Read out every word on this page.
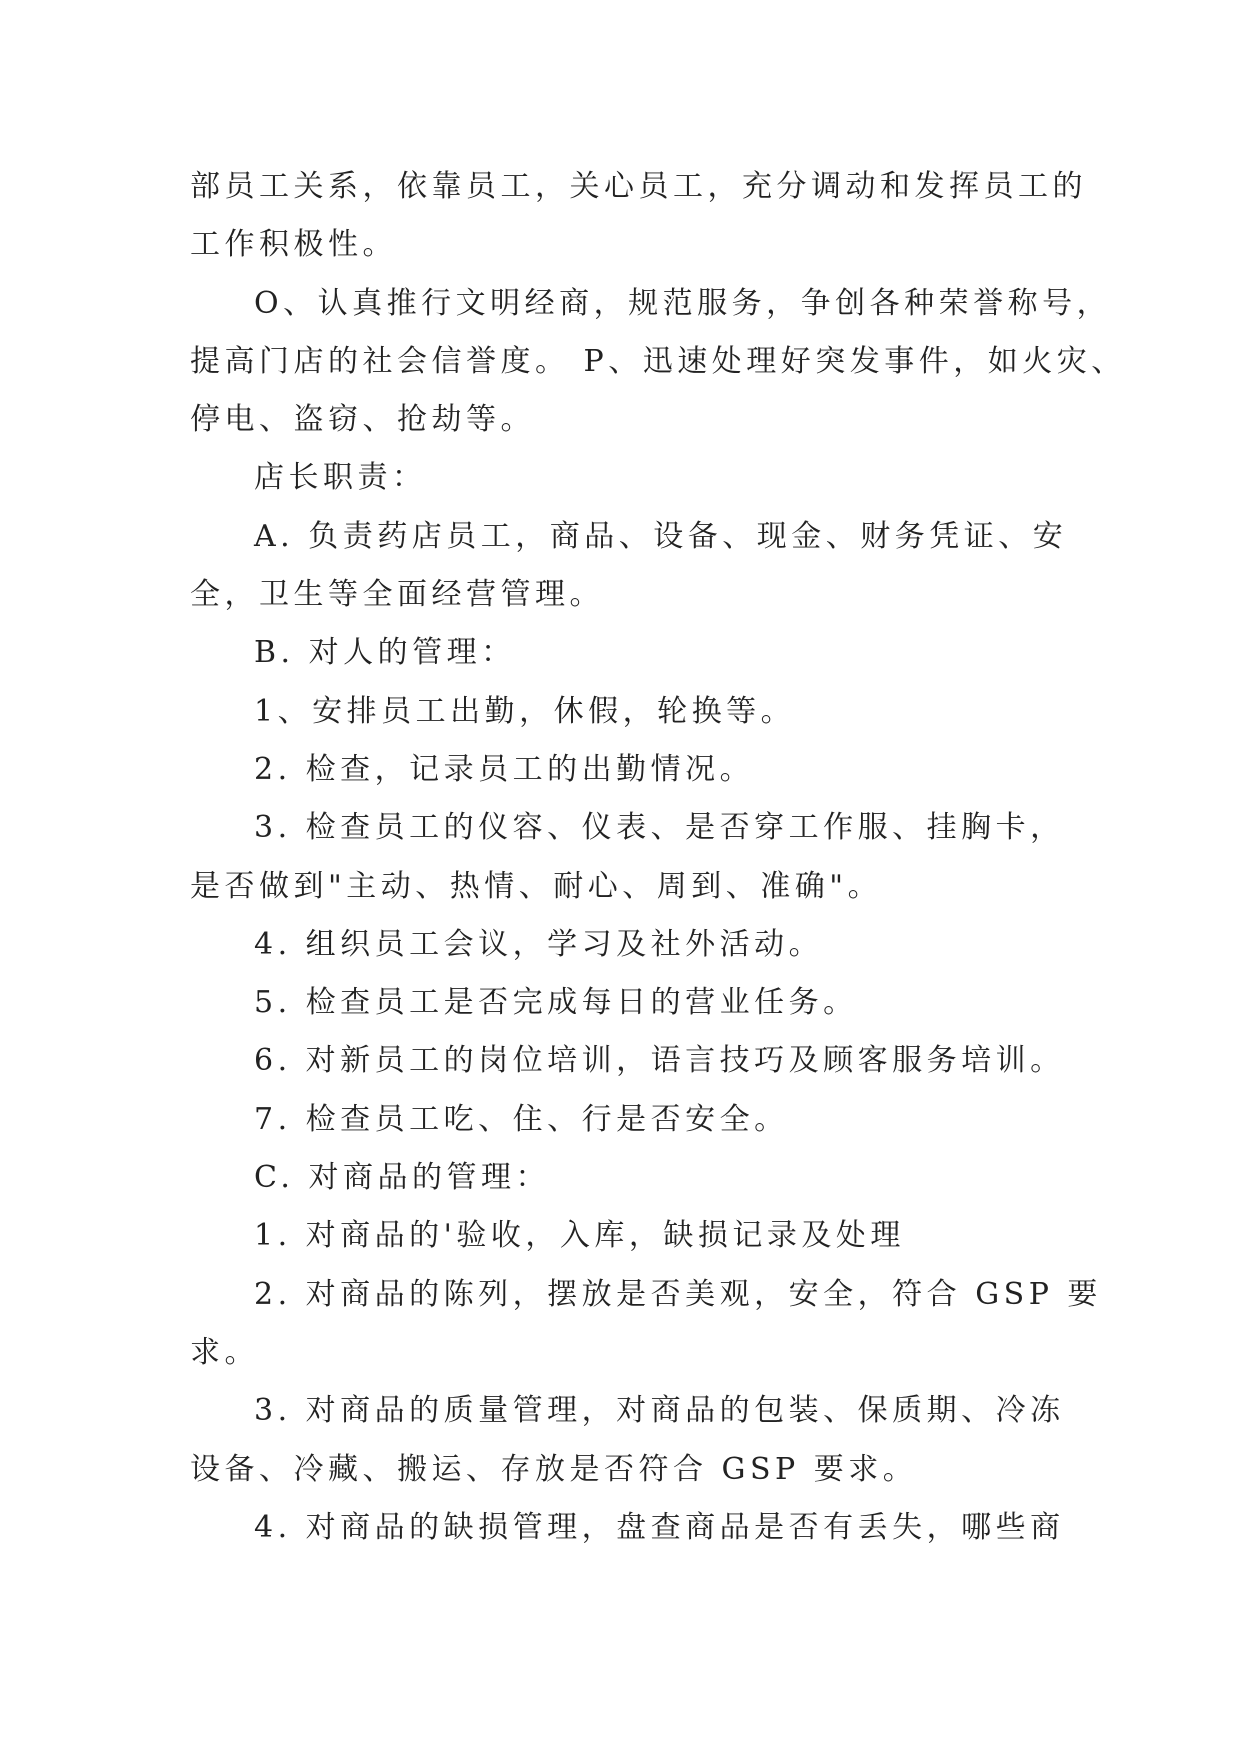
部员工关系，依靠员工，关心员工，充分调动和发挥员工的

工作积极性。

O、认真推行文明经商，规范服务，争创各种荣誉称号，

提高门店的社会信誉度。 P、迅速处理好突发事件，如火灾、

停电、盗窃、抢劫等。

店长职责：

A. 负责药店员工，商品、设备、现金、财务凭证、安

全，卫生等全面经营管理。

B. 对人的管理：

1、安排员工出勤，休假，轮换等。

2. 检查，记录员工的出勤情况。

3. 检查员工的仪容、仪表、是否穿工作服、挂胸卡，

是否做到"主动、热情、耐心、周到、准确"。

4. 组织员工会议，学习及社外活动。

5. 检查员工是否完成每日的营业任务。

6. 对新员工的岗位培训，语言技巧及顾客服务培训。

7. 检查员工吃、住、行是否安全。

C. 对商品的管理：

1. 对商品的'验收，入库，缺损记录及处理

2. 对商品的陈列，摆放是否美观，安全，符合 GSP 要

求。

3. 对商品的质量管理，对商品的包装、保质期、冷冻

设备、冷藏、搬运、存放是否符合 GSP 要求。

4. 对商品的缺损管理，盘查商品是否有丢失，哪些商
